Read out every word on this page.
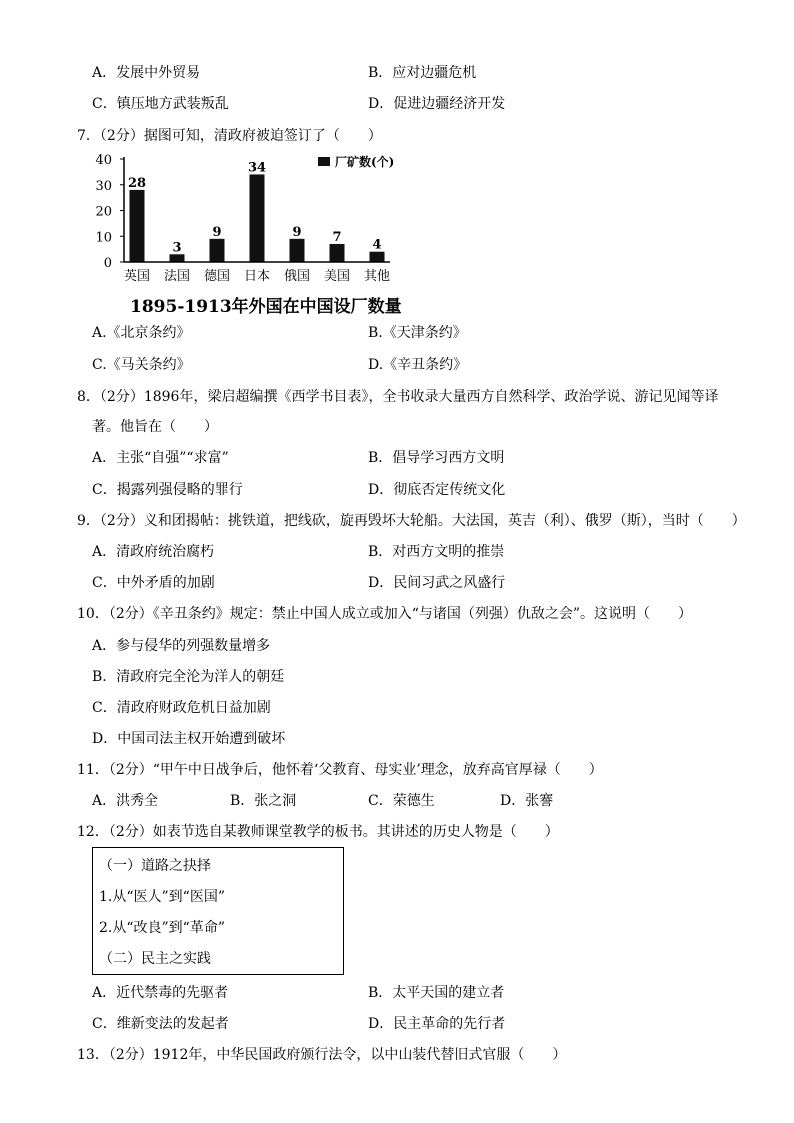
A．发展中外贸易	B．应对边疆危机
C．镇压地方武装叛乱	D．促进边疆经济开发
7．（2分）据图可知，清政府被迫签订了（　　）
0
10
20
30
40
28
3
9
34
9 7
4
英国 法国 德国 日本 俄国 美国 其他
厂矿数(个)
1895-1913年外国在中国设厂数量
A.《北京条约》	B.《天津条约》
C.《马关条约》	D.《辛丑条约》
8．（2分）1896年，梁启超编撰《西学书目表》，全书收录大量西方自然科学、政治学说、游记见闻等译
著。他旨在（　　）
A．主张“自强”“求富”	B．倡导学习西方文明
C．揭露列强侵略的罪行	D．彻底否定传统文化
9．（2分）义和团揭帖：挑铁道，把线砍，旋再毁坏大轮船。大法国，英吉（利）、俄罗（斯），当时（　　）
A．清政府统治腐朽	B．对西方文明的推崇
C．中外矛盾的加剧	D．民间习武之风盛行
10．（2分）《辛丑条约》规定：禁止中国人成立或加入“与诸国（列强）仇敌之会”。这说明（　　）
A．参与侵华的列强数量增多
B．清政府完全沦为洋人的朝廷
C．清政府财政危机日益加剧
D．中国司法主权开始遭到破坏
11．（2分）“甲午中日战争后，他怀着‘父教育、母实业’理念，放弃高官厚禄（　　）
A．洪秀全	B．张之洞	C．荣德生	D．张謇
12．（2分）如表节选自某教师课堂教学的板书。其讲述的历史人物是（　　）
（一）道路之抉择
1.从“医人”到“医国”
2.从“改良”到“革命”
（二）民主之实践
A．近代禁毒的先驱者	B．太平天国的建立者
C．维新变法的发起者	D．民主革命的先行者
13．（2分）1912年，中华民国政府颁行法令，以中山装代替旧式官服（　　）
